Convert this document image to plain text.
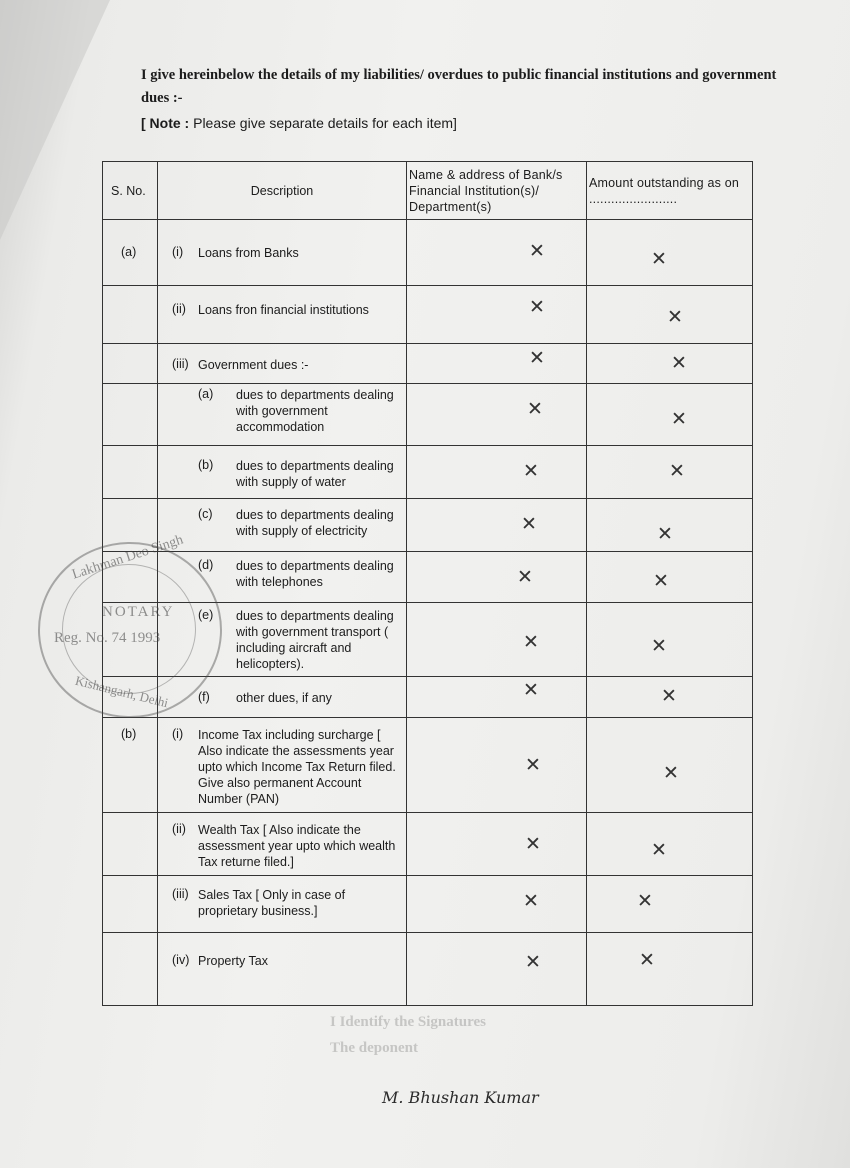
I give hereinbelow the details of my liabilities/ overdues to public financial institutions and government dues :-
[ Note : Please give separate details for each item]
S. No.	Description	Name & address of Bank/s Financial Institution(s)/ Department(s)	Amount outstanding as on ........................

(a)	(i) Loans from Banks	✕	✕

	(ii) Loans fron financial institutions	✕	✕

	(iii) Government dues :-	✕	✕

	(a) dues to departments dealing with government accommodation	✕	✕

	(b) dues to departments dealing with supply of water	✕	✕

	(c) dues to departments dealing with supply of electricity	✕	✕

	(d) dues to departments dealing with telephones	✕	✕

	(e) dues to departments dealing with government transport ( including aircraft and helicopters).	✕	✕

	(f) other dues, if any	✕	✕

(b)	(i) Income Tax including surcharge [ Also indicate the assessments year upto which Income Tax Return filed. Give also permanent Account Number (PAN)	✕	✕

	(ii) Wealth Tax [ Also indicate the assessment year upto which wealth Tax returne filed.]	✕	✕

	(iii) Sales Tax [ Only in case of proprietary business.]	✕	✕

	(iv) Property Tax	✕	✕
Lakhman Deo Singh
NOTARY
Reg. No. 74 1993
Kishangarh, Delhi
I Identify the Signatures
The deponent
M. Bhushan Kumar
